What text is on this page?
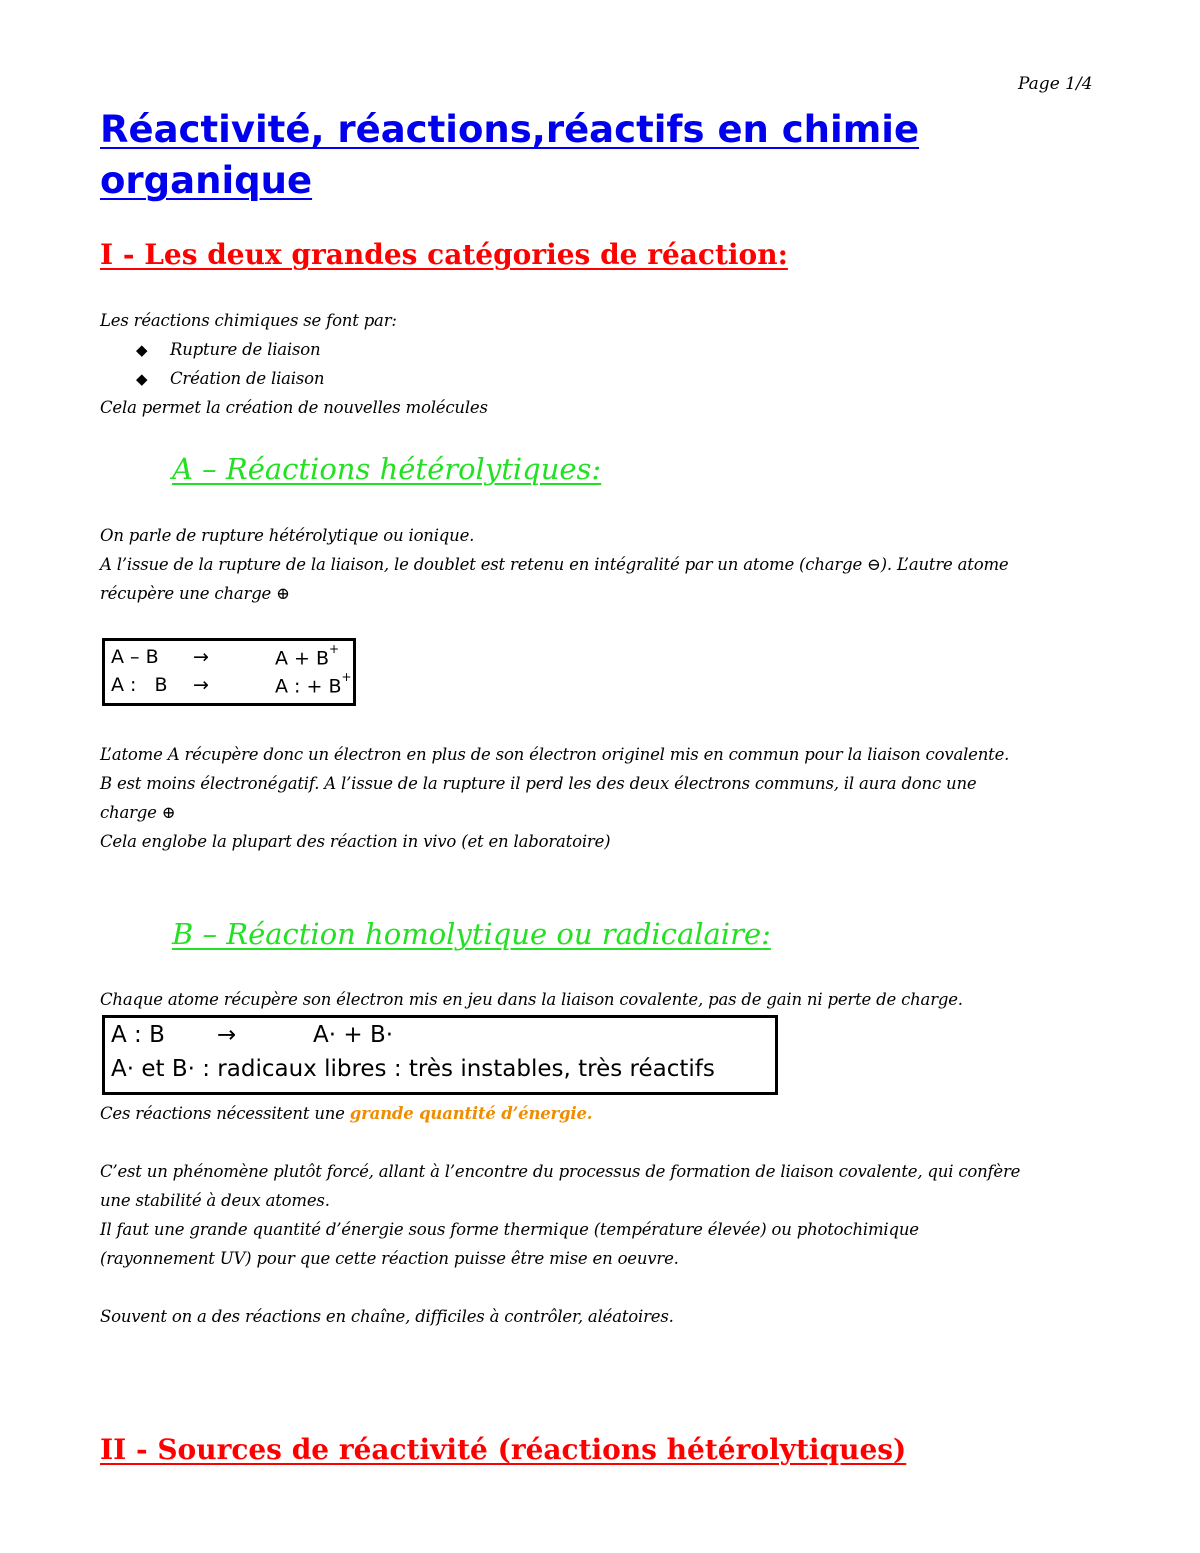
Page 1/4
Réactivité, réactions,réactifs en chimie organique
I - Les deux grandes catégories de réaction:
Les réactions chimiques se font par:
◆ Rupture de liaison
◆ Création de liaison
Cela permet la création de nouvelles molécules
A – Réactions hétérolytiques:
On parle de rupture hétérolytique ou ionique.
A l’issue de la rupture de la liaison, le doublet est retenu en intégralité par un atome (charge ⊖). L’autre atome
récupère une charge ⊕
A – B →	A + B+
A :   B →	A : + B+
L’atome A récupère donc un électron en plus de son électron originel mis en commun pour la liaison covalente.
B est moins électronégatif. A l’issue de la rupture il perd les des deux électrons communs, il aura donc une
charge ⊕
Cela englobe la plupart des réaction in vivo (et en laboratoire)
B – Réaction homolytique ou radicalaire:
Chaque atome récupère son électron mis en jeu dans la liaison covalente, pas de gain ni perte de charge.
A : B →	A· + B·
A· et B· : radicaux libres : très instables, très réactifs
Ces réactions nécessitent une grande quantité d’énergie.
C’est un phénomène plutôt forcé, allant à l’encontre du processus de formation de liaison covalente, qui confère
une stabilité à deux atomes.
Il faut une grande quantité d’énergie sous forme thermique (température élevée) ou photochimique
(rayonnement UV) pour que cette réaction puisse être mise en oeuvre.
Souvent on a des réactions en chaîne, difficiles à contrôler, aléatoires.
II - Sources de réactivité (réactions hétérolytiques)
